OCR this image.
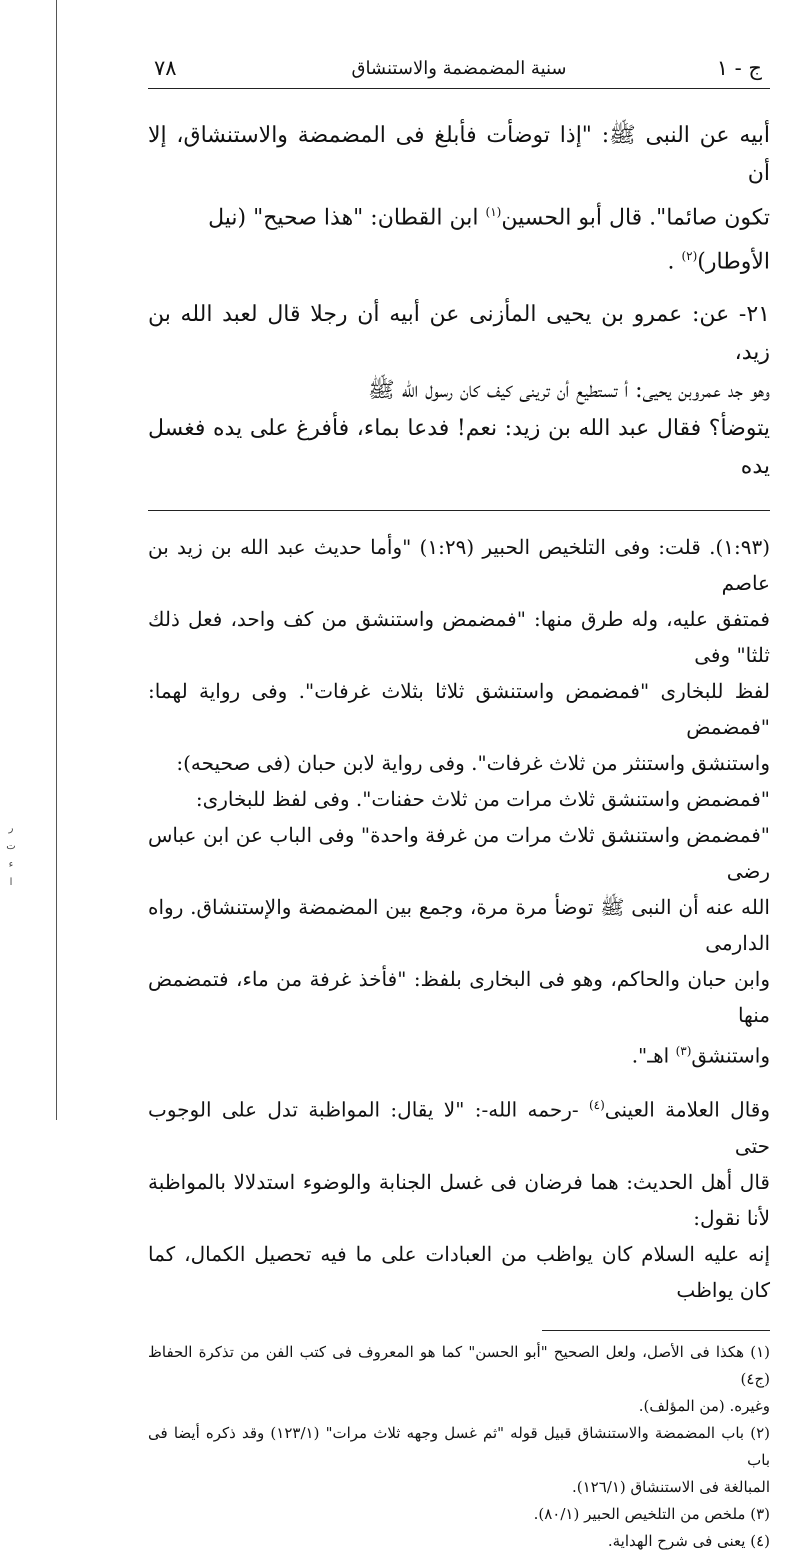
ر
ت
ء
ا
ج - ١
سنية المضمضمة والاستنشاق
٧٨

أبيه عن النبى ﷺ: "إذا توضأت فأبلغ فى المضمضة والاستنشاق، إلا أن

تكون صائما". قال أبو الحسين$^{(١)}$ ابن القطان: "هذا صحيح" (نيل

الأوطار)$^{(٢)}$ .

٢١- عن: عمرو بن يحيى المأزنى عن أبيه أن رجلا قال لعبد الله بن زيد،

وهو جد عمروبن يحيى: أ تستطيع أن ترينى كيف كان رسول الله ﷺ

يتوضأ؟ فقال عبد الله بن زيد: نعم! فدعا بماء، فأفرغ على يده فغسل يده

(١:٩٣). قلت: وفى التلخيص الحبير (١:٢٩) "وأما حديث عبد الله بن زيد بن عاصم

فمتفق عليه، وله طرق منها: "فمضمض واستنشق من كف واحد، فعل ذلك ثلثا" وفى

لفظ للبخارى "فمضمض واستنشق ثلاثا بثلاث غرفات". وفى رواية لهما: "فمضمض

واستنشق واستنثر من ثلاث غرفات". وفى رواية لابن حبان (فى صحيحه):

"فمضمض واستنشق ثلاث مرات من ثلاث حفنات". وفى لفظ للبخارى:

"فمضمض واستنشق ثلاث مرات من غرفة واحدة" وفى الباب عن ابن عباس رضى

الله عنه أن النبى ﷺ توضأ مرة مرة، وجمع بين المضمضة والإستنشاق. رواه الدارمى

وابن حبان والحاكم، وهو فى البخارى بلفظ: "فأخذ غرفة من ماء، فتمضمض منها

واستنشق$^{(٣)}$ اهـ".

وقال العلامة العينى$^{(٤)}$ -رحمه الله-: "لا يقال: المواظبة تدل على الوجوب حتى

قال أهل الحديث: هما فرضان فى غسل الجنابة والوضوء استدلالا بالمواظبة لأنا نقول:

إنه عليه السلام كان يواظب من العبادات على ما فيه تحصيل الكمال، كما كان يواظب

(١) هكذا فى الأصل، ولعل الصحيح "أبو الحسن" كما هو المعروف فى كتب الفن من تذكرة الحفاظ (ج٤)

وغيره. (من المؤلف).

(٢) باب المضمضة والاستنشاق قبيل قوله "ثم غسل وجهه ثلاث مرات" (١٢٣/١) وقد ذكره أيضا فى باب

المبالغة فى الاستنشاق (١٢٦/١).

(٣) ملخص من التلخيص الحبير (٨٠/١).

(٤) يعنى فى شرح الهداية.
